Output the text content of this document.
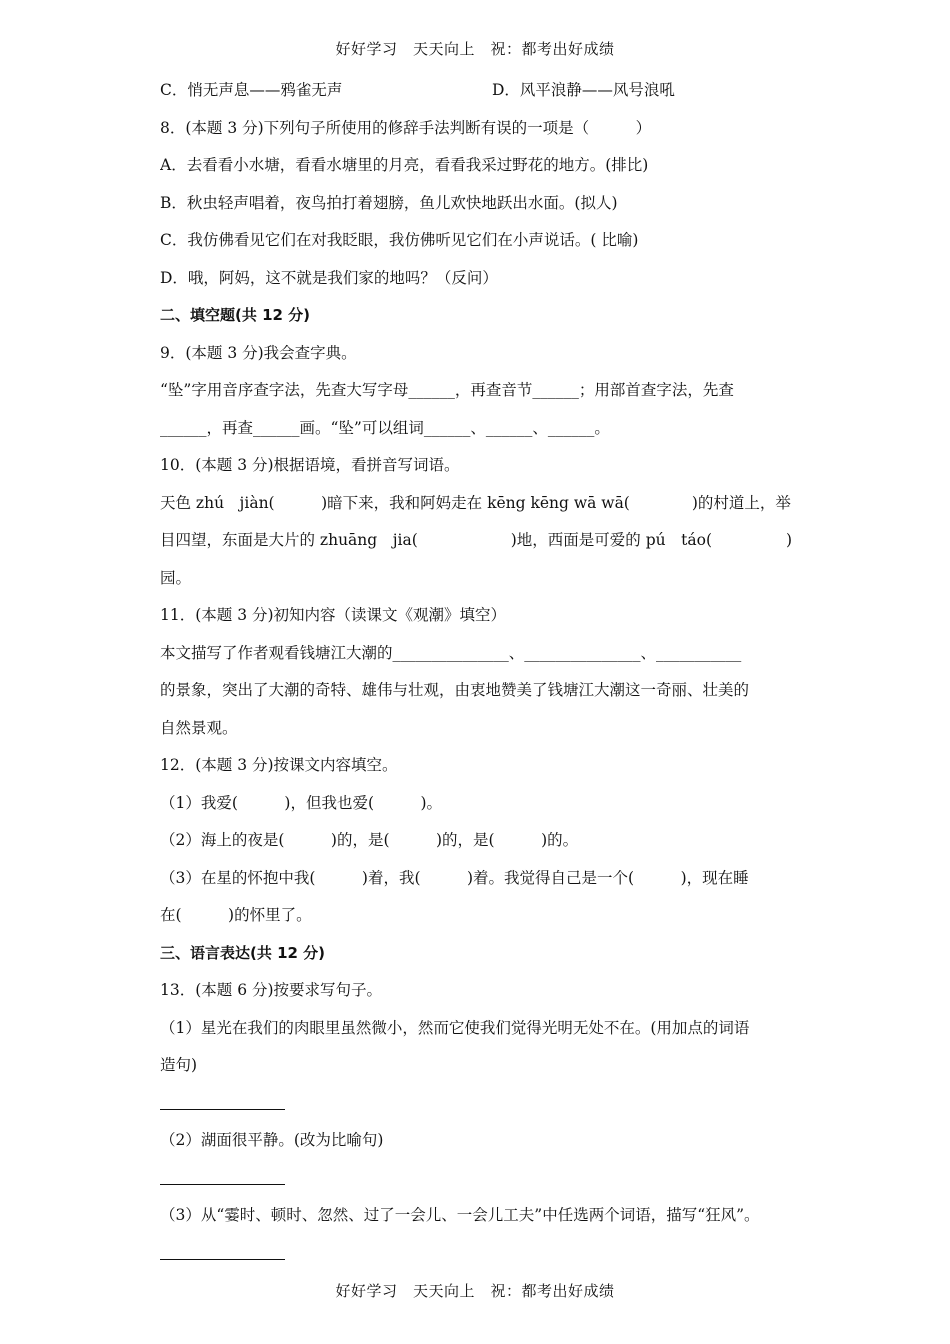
好好学习　天天向上　祝：都考出好成绩
C．悄无声息——鸦雀无声	D．风平浪静——风号浪吼
8．(本题 3 分)下列句子所使用的修辞手法判断有误的一项是（　　　）
A．去看看小水塘，看看水塘里的月亮，看看我采过野花的地方。(排比)
B．秋虫轻声唱着，夜鸟拍打着翅膀，鱼儿欢快地跃出水面。(拟人)
C．我仿佛看见它们在对我眨眼，我仿佛听见它们在小声说话。( 比喻)
D．哦，阿妈，这不就是我们家的地吗？（反问）
二、填空题(共 12 分)
9．(本题 3 分)我会查字典。
“坠”字用音序查字法，先查大写字母______，再查音节______；用部首查字法，先查
______，再查______画。“坠”可以组词______、______、______。
10．(本题 3 分)根据语境，看拼音写词语。
天色 zhú　jiàn(　　　)暗下来，我和阿妈走在 kēng kēng wā wā(　　　　)的村道上，举
目四望，东面是大片的 zhuāng　jia(　　　　　　)地，西面是可爱的 pú　táo(	)
园。
11．(本题 3 分)初知内容（读课文《观潮》填空）
本文描写了作者观看钱塘江大潮的_______________、_______________、___________
的景象，突出了大潮的奇特、雄伟与壮观，由衷地赞美了钱塘江大潮这一奇丽、壮美的
自然景观。
12．(本题 3 分)按课文内容填空。
（1）我爱(　　　)，但我也爱(　　　)。
（2）海上的夜是(　　　)的，是(　　　)的，是(　　　)的。
（3）在星的怀抱中我(　　　)着，我(　　　)着。我觉得自己是一个(　　　)，现在睡
在(　　　)的怀里了。
三、语言表达(共 12 分)
13．(本题 6 分)按要求写句子。
（1）星光在我们的肉眼里虽然微小，然而它使我们觉得光明无处不在。(用加点的词语
造句)
（2）湖面很平静。(改为比喻句)
（3）从“霎时、顿时、忽然、过了一会儿、一会儿工夫”中任选两个词语，描写“狂风”。
好好学习　天天向上　祝：都考出好成绩
